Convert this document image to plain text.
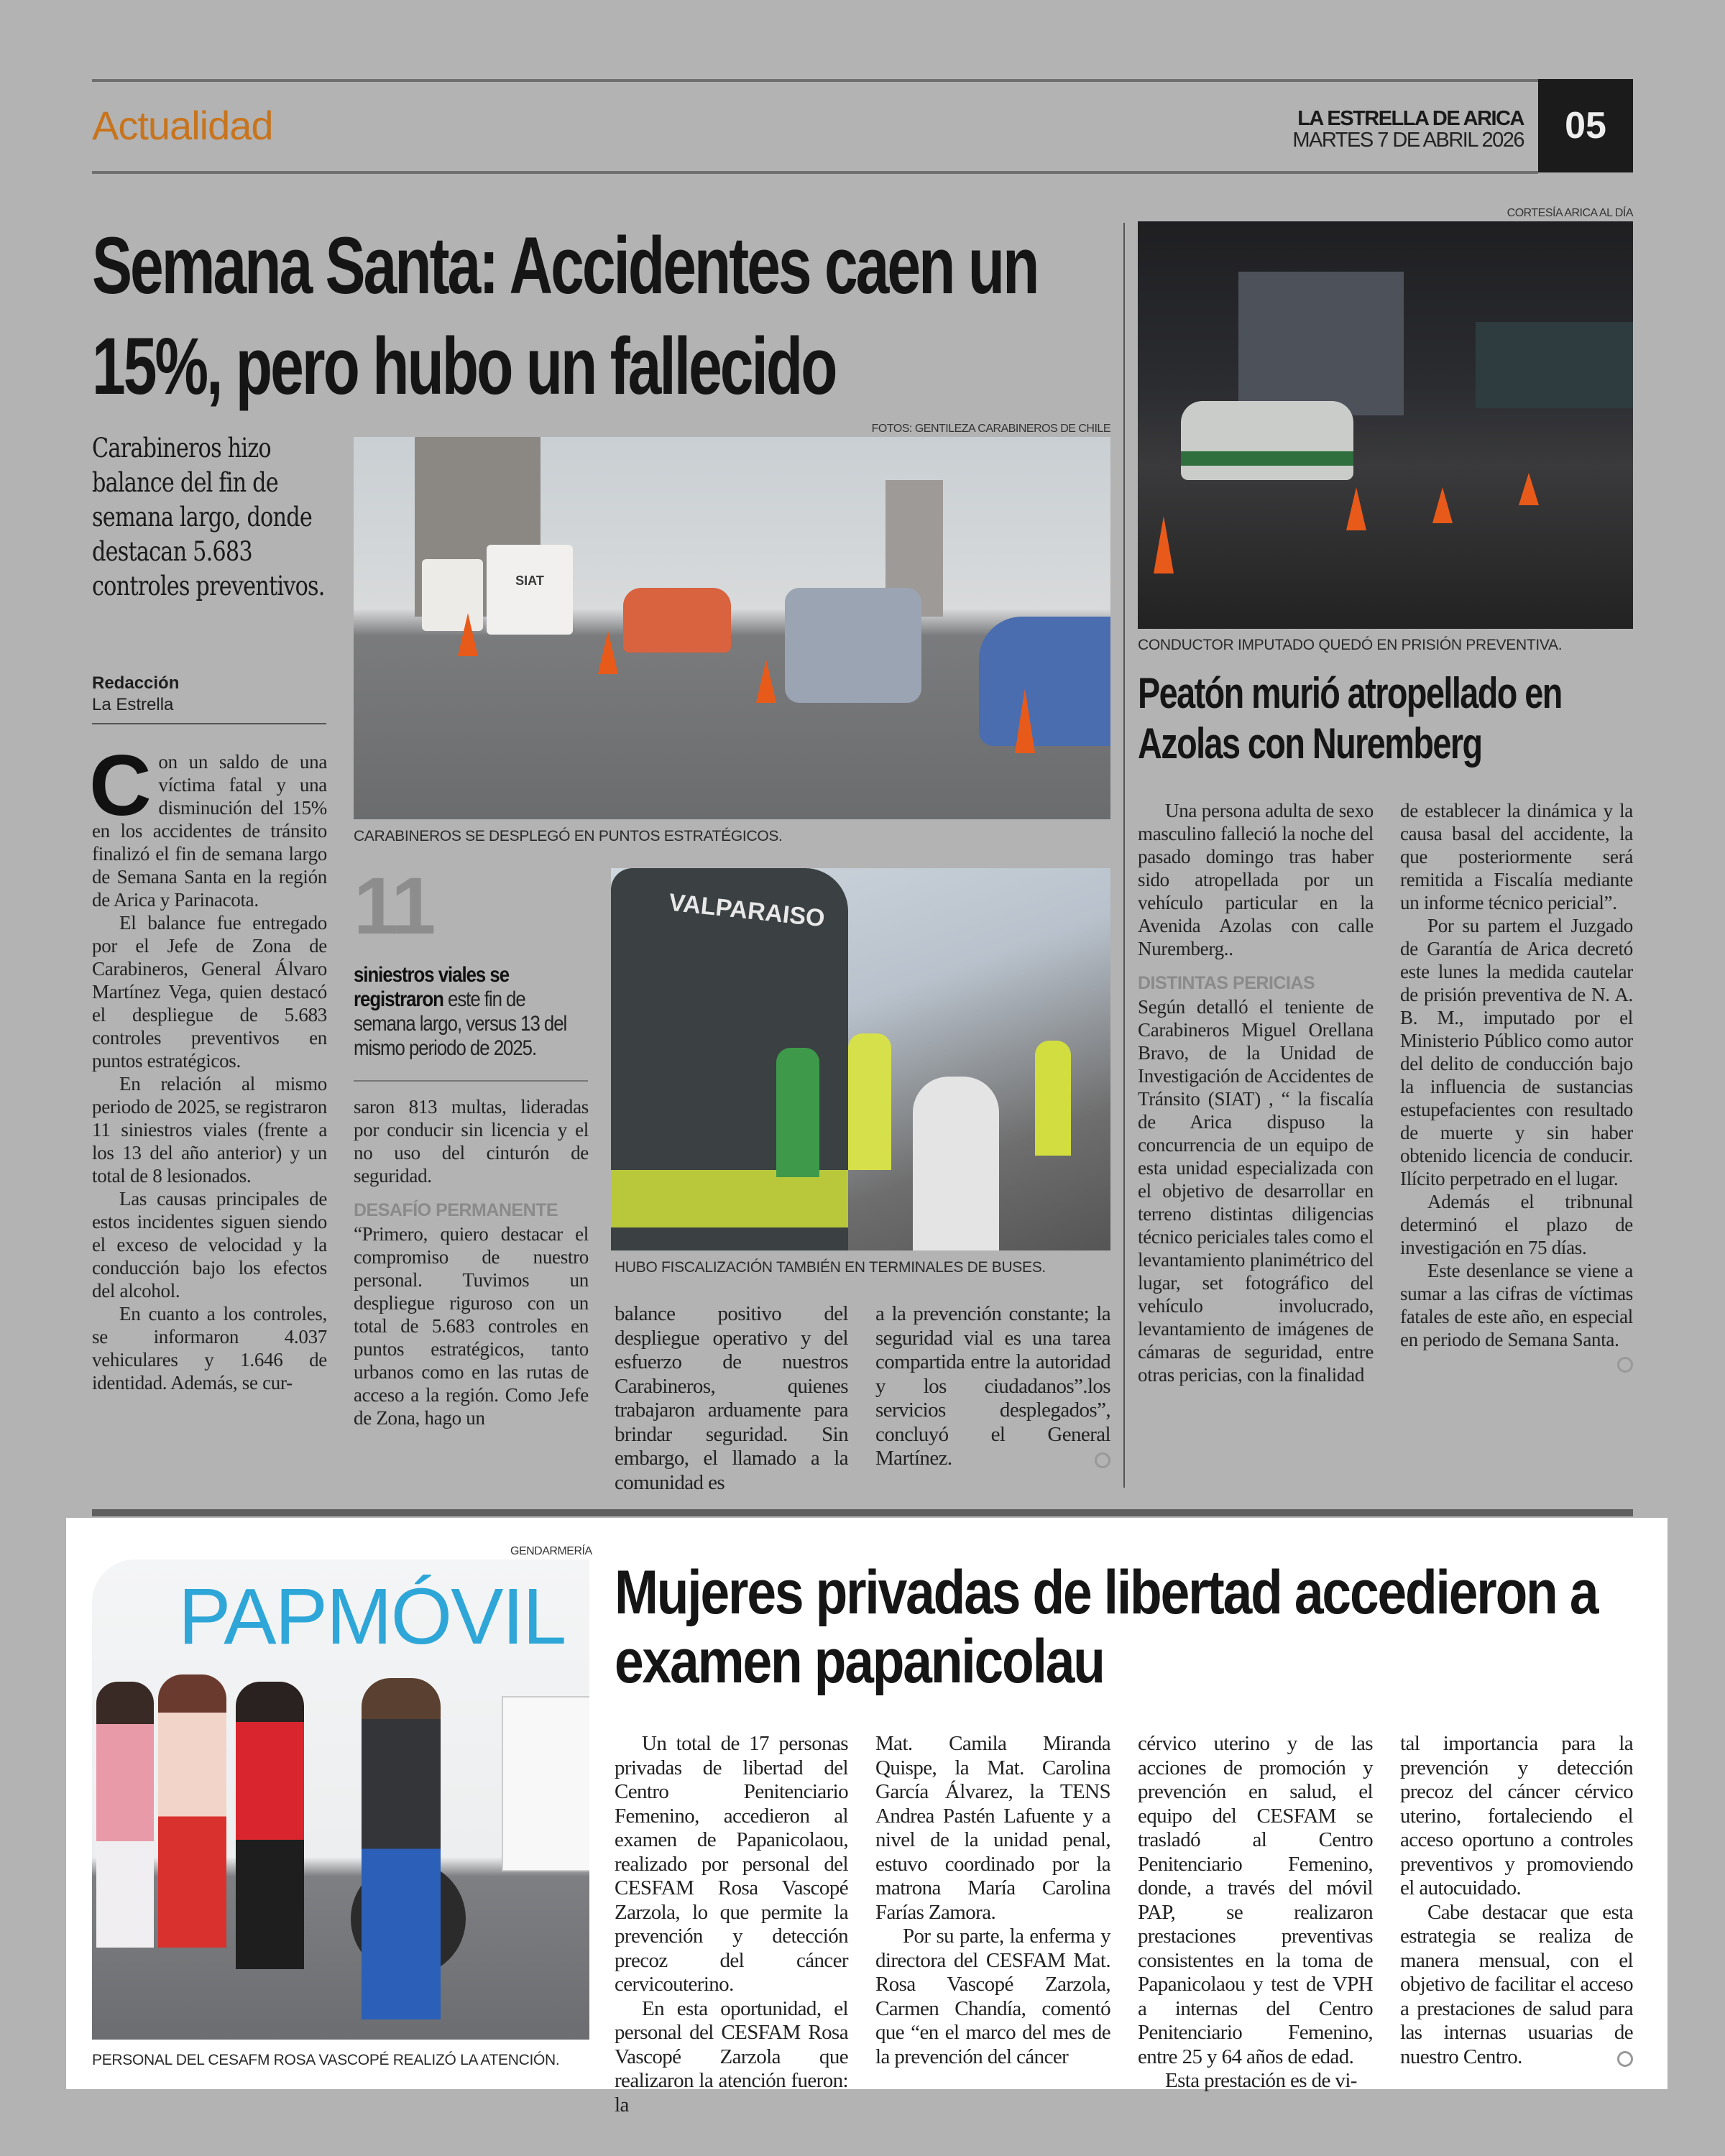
Actualidad	LA ESTRELLA DE ARICA
MARTES 7 DE ABRIL 2026	05
Semana Santa: Accidentes caen un 15%, pero hubo un fallecido
Carabineros hizo balance del fin de semana largo, donde destacan 5.683 controles preventivos.
Redacción
La Estrella
FOTOS: GENTILEZA CARABINEROS DE CHILE
SIAT
CARABINEROS SE DESPLEGÓ EN PUNTOS ESTRATÉGICOS.
11
siniestros viales se registraron este fin de semana largo, versus 13 del mismo periodo de 2025.
VALPARAISO
HUBO FISCALIZACIÓN TAMBIÉN EN TERMINALES DE BUSES.

Con un saldo de una víctima fatal y una disminución del 15% en los accidentes de tránsito finalizó el fin de semana largo de Semana Santa en la región de Arica y Parinacota.

El balance fue entregado por el Jefe de Zona de Carabineros, General Álvaro Martínez Vega, quien destacó el despliegue de 5.683 controles preventivos en puntos estratégicos.

En relación al mismo periodo de 2025, se registraron 11 siniestros viales (frente a los 13 del año anterior) y un total de 8 lesionados.

Las causas principales de estos incidentes siguen siendo el exceso de velocidad y la conducción bajo los efectos del alcohol.

En cuanto a los controles, se informaron 4.037 vehiculares y 1.646 de identidad. Además, se cur-

saron 813 multas, lideradas por conducir sin licencia y el no uso del cinturón de seguridad.

DESAFÍO PERMANENTE

“Primero, quiero destacar el compromiso de nuestro personal. Tuvimos un despliegue riguroso con un total de 5.683 controles en puntos estratégicos, tanto urbanos como en las rutas de acceso a la región. Como Jefe de Zona, hago un

balance positivo del despliegue operativo y del esfuerzo de nuestros Carabineros, quienes trabajaron arduamente para brindar seguridad. Sin embargo, el llamado a la comunidad es

a la prevención constante; la seguridad vial es una tarea compartida entre la autoridad y los ciudadanos”.los servicios desplegados”, concluyó el General Martínez.

CORTESÍA ARICA AL DÍA
CONDUCTOR IMPUTADO QUEDÓ EN PRISIÓN PREVENTIVA.
Peatón murió atropellado en Azolas con Nuremberg

Una persona adulta de sexo masculino falleció la noche del pasado domingo tras haber sido atropellada por un vehículo particular en la Avenida Azolas con calle Nuremberg..

DISTINTAS PERICIAS

Según detalló el teniente de Carabineros Miguel Orellana Bravo, de la Unidad de Investigación de Accidentes de Tránsito (SIAT) , “ la fiscalía de Arica dispuso la concurrencia de un equipo de esta unidad especializada con el objetivo de desarrollar en terreno distintas diligencias técnico periciales tales como el levantamiento planimétrico del lugar, set fotográfico del vehículo involucrado, levantamiento de imágenes de cámaras de seguridad, entre otras pericias, con la finalidad

de establecer la dinámica y la causa basal del accidente, la que posteriormente será remitida a Fiscalía mediante un informe técnico pericial”.

Por su partem el Juzgado de Garantía de Arica decretó este lunes la medida cautelar de prisión preventiva de N. A. B. M., imputado por el Ministerio Público como autor del delito de conducción bajo la influencia de sustancias estupefacientes con resultado de muerte y sin haber obtenido licencia de conducir. Ilícito perpetrado en el lugar.

Además el tribnunal determinó el plazo de investigación en 75 días.

Este desenlance se viene a sumar a las cifras de víctimas fatales de este año, en especial en periodo de Semana Santa.

GENDARMERÍA
PAPMÓVIL
PERSONAL DEL CESAFM ROSA VASCOPÉ REALIZÓ LA ATENCIÓN.
Mujeres privadas de libertad accedieron a examen papanicolau

Un total de 17 personas privadas de libertad del Centro Penitenciario Femenino, accedieron al examen de Papanicolaou, realizado por personal del CESFAM Rosa Vascopé Zarzola, lo que permite la prevención y detección precoz del cáncer cervicouterino.

En esta oportunidad, el personal del CESFAM Rosa Vascopé Zarzola que realizaron la atención fueron: la

Mat. Camila Miranda Quispe, la Mat. Carolina García Álvarez, la TENS Andrea Pastén Lafuente y a nivel de la unidad penal, estuvo coordinado por la matrona María Carolina Farías Zamora.

Por su parte, la enferma y directora del CESFAM Mat. Rosa Vascopé Zarzola, Carmen Chandía, comentó que “en el marco del mes de la prevención del cáncer

cérvico uterino y de las acciones de promoción y prevención en salud, el equipo del CESFAM se trasladó al Centro Penitenciario Femenino, donde, a través del móvil PAP, se realizaron prestaciones preventivas consistentes en la toma de Papanicolaou y test de VPH a internas del Centro Penitenciario Femenino, entre 25 y 64 años de edad.

Esta prestación es de vi-

tal importancia para la prevención y detección precoz del cáncer cérvico uterino, fortaleciendo el acceso oportuno a controles preventivos y promoviendo el autocuidado.

Cabe destacar que esta estrategia se realiza de manera mensual, con el objetivo de facilitar el acceso a prestaciones de salud para las internas usuarias de nuestro Centro.
